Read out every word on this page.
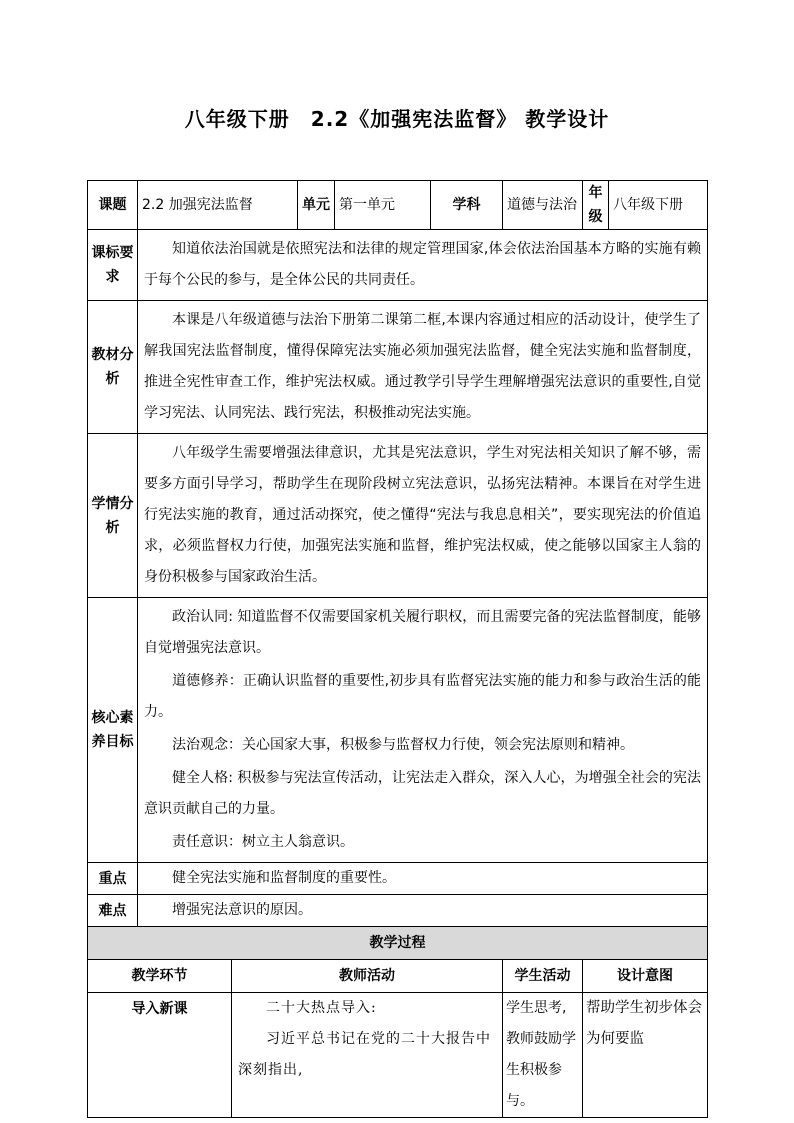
八年级下册　2.2《加强宪法监督》 教学设计
课题	2.2 加强宪法监督		单元	第一单元	学科	道德与法治	年级	八年级下册
课标要求	知道依法治国就是依照宪法和法律的规定管理国家,体会依法治国基本方略的实施有赖于每个公民的参与，是全体公民的共同责任。							

教材分析	本课是八年级道德与法治下册第二课第二框,本课内容通过相应的活动设计，使学生了解我国宪法监督制度，懂得保障宪法实施必须加强宪法监督，健全宪法实施和监督制度，推进全宪性审查工作，维护宪法权威。通过教学引导学生理解增强宪法意识的重要性,自觉学习宪法、认同宪法、践行宪法，积极推动宪法实施。							

学情分析	八年级学生需要增强法律意识，尤其是宪法意识，学生对宪法相关知识了解不够，需要多方面引导学习，帮助学生在现阶段树立宪法意识，弘扬宪法精神。本课旨在对学生进行宪法实施的教育，通过活动探究，使之懂得“宪法与我息息相关”，要实现宪法的价值追求，必须监督权力行使，加强宪法实施和监督，维护宪法权威，使之能够以国家主人翁的身份积极参与国家政治生活。							

核心素养目标	政治认同: 知道监督不仅需要国家机关履行职权，而且需要完备的宪法监督制度，能够自觉增强宪法意识。

道德修养：正确认识监督的重要性,初步具有监督宪法实施的能力和参与政治生活的能力。

法治观念：关心国家大事，积极参与监督权力行使，领会宪法原则和精神。

健全人格: 积极参与宪法宣传活动，让宪法走入群众，深入人心，为增强全社会的宪法意识贡献自己的力量。

责任意识：树立主人翁意识。							

重点	健全宪法实施和监督制度的重要性。							

难点	增强宪法意识的原因。							

教学过程								
教学环节		教师活动				学生活动	设计意图	
导入新课		二十大热点导入:

习近平总书记在党的二十大报告中深刻指出,				学生思考,教师鼓励学生积极参与。	帮助学生初步体会为何要监	
